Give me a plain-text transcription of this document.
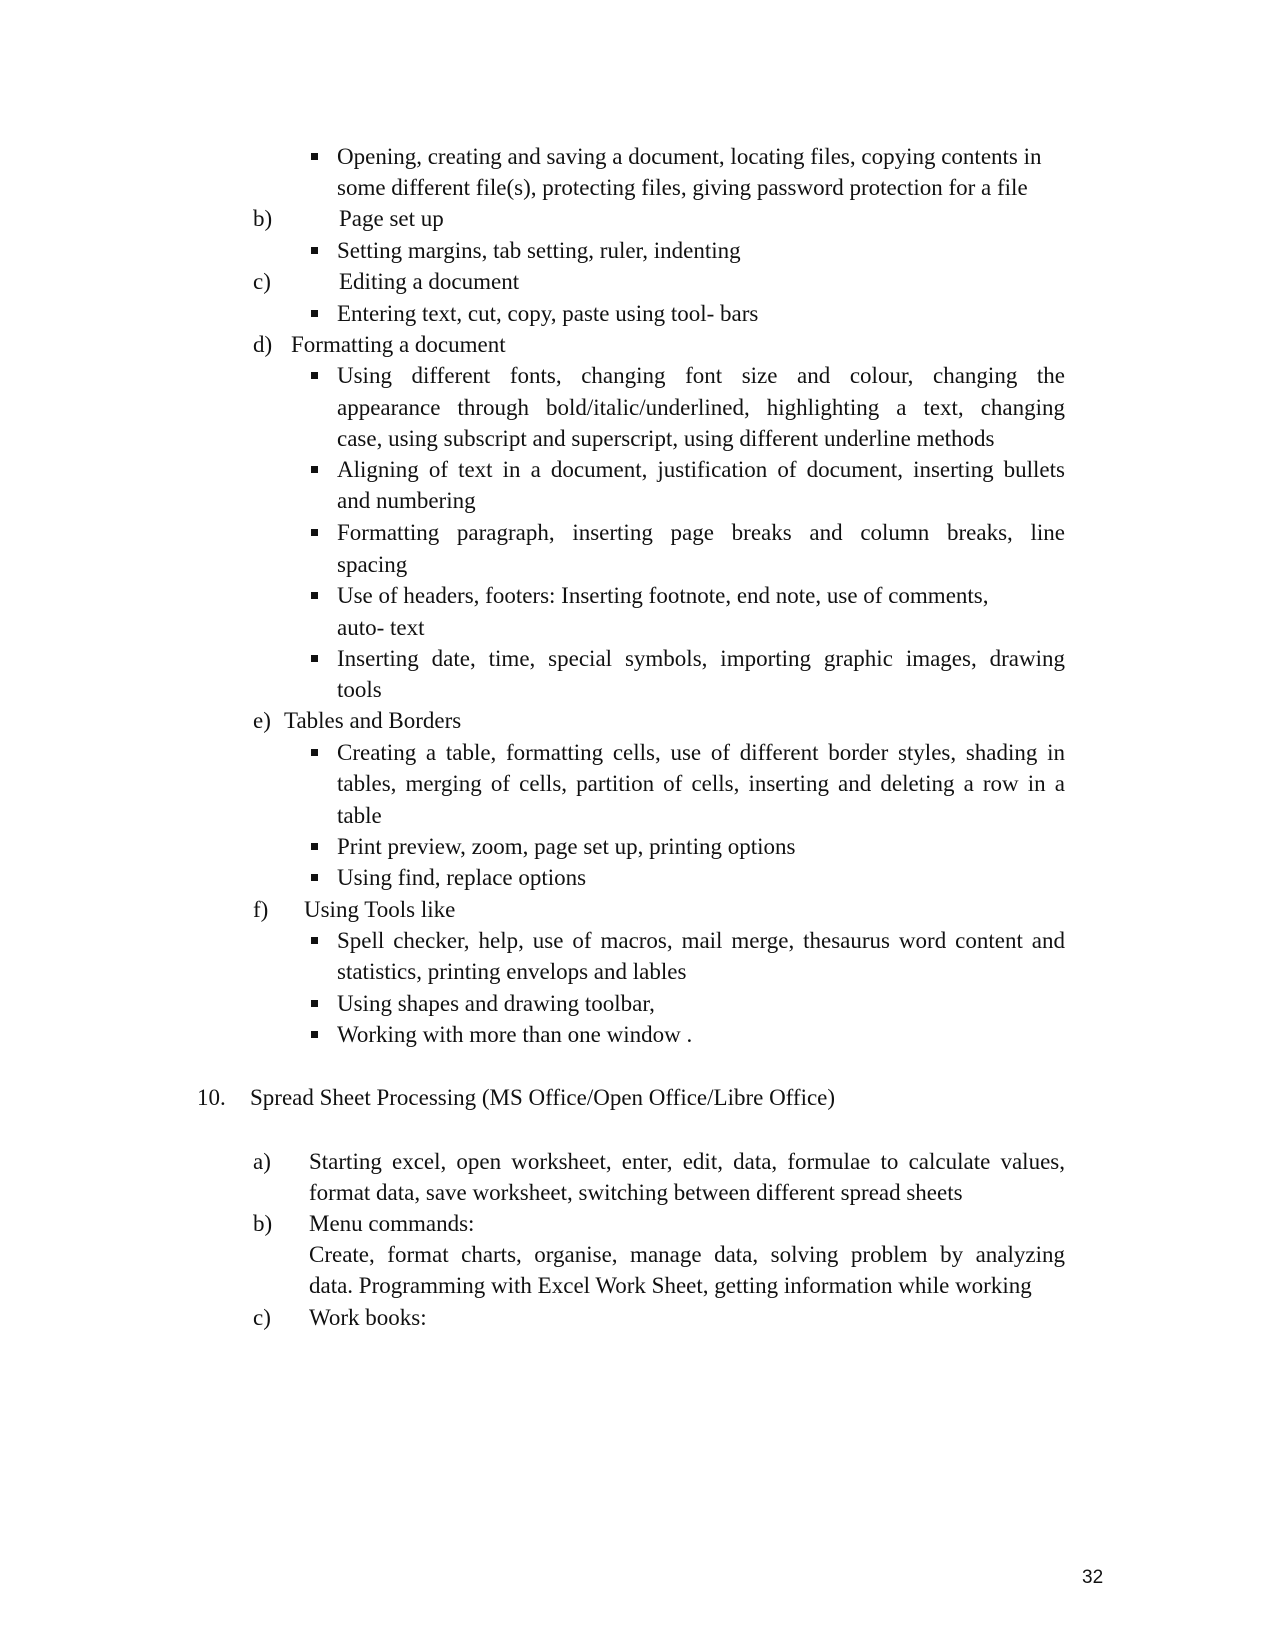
Opening, creating and saving a document, locating files, copying contents in
some different file(s), protecting files, giving password protection for a file
b)	Page set up
Setting margins, tab setting, ruler, indenting
c)	Editing a document
Entering text, cut, copy, paste using tool- bars
d) Formatting a document
Using different fonts, changing font size and colour, changing the
appearance through bold/italic/underlined, highlighting a text, changing
case, using subscript and superscript, using different underline methods
Aligning of text in a document, justification of document, inserting bullets
and numbering
Formatting paragraph, inserting page breaks and column breaks, line
spacing
Use of headers, footers: Inserting footnote, end note, use of comments,
auto- text
Inserting date, time, special symbols, importing graphic images, drawing
tools
e) Tables and Borders
Creating a table, formatting cells, use of different border styles, shading in
tables, merging of cells, partition of cells, inserting and deleting a row in a
table
Print preview, zoom, page set up, printing options
Using find, replace options
f) Using Tools like
Spell checker, help, use of macros, mail merge, thesaurus word content and
statistics, printing envelops and lables
Using shapes and drawing toolbar,
Working with more than one window .
10. Spread Sheet Processing (MS Office/Open Office/Libre Office)
a) Starting excel, open worksheet, enter, edit, data, formulae to calculate values,
format data, save worksheet, switching between different spread sheets
b) Menu commands:
Create, format charts, organise, manage data, solving problem by analyzing
data. Programming with Excel Work Sheet, getting information while working
c) Work books:
32
